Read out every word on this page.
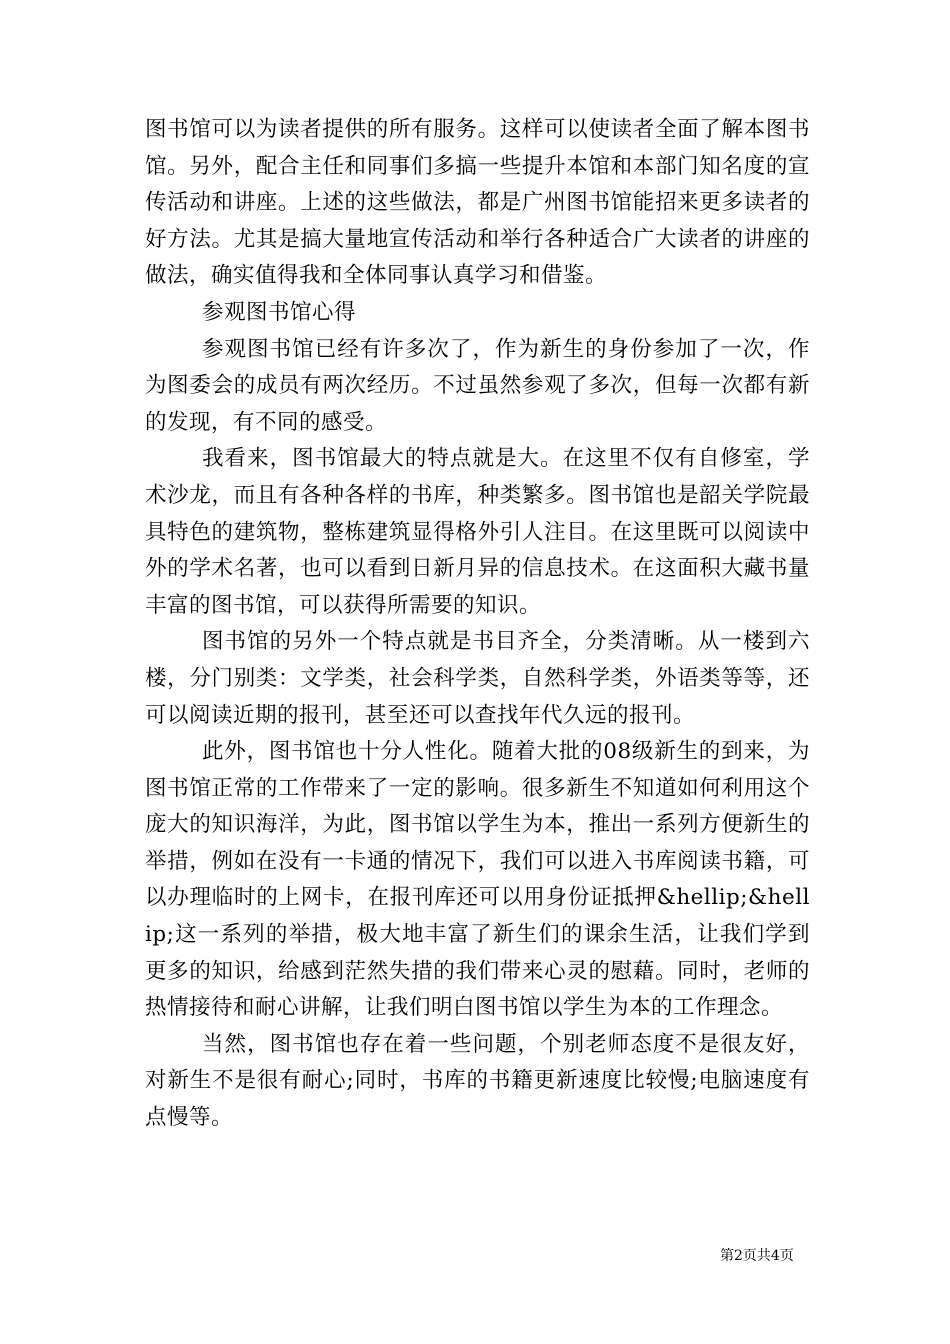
图书馆可以为读者提供的所有服务。这样可以使读者全面了解本图书馆。另外，配合主任和同事们多搞一些提升本馆和本部门知名度的宣传活动和讲座。上述的这些做法，都是广州图书馆能招来更多读者的好方法。尤其是搞大量地宣传活动和举行各种适合广大读者的讲座的做法，确实值得我和全体同事认真学习和借鉴。

参观图书馆心得

参观图书馆已经有许多次了，作为新生的身份参加了一次，作为图委会的成员有两次经历。不过虽然参观了多次，但每一次都有新的发现，有不同的感受。

我看来，图书馆最大的特点就是大。在这里不仅有自修室，学术沙龙，而且有各种各样的书库，种类繁多。图书馆也是韶关学院最具特色的建筑物，整栋建筑显得格外引人注目。在这里既可以阅读中外的学术名著，也可以看到日新月异的信息技术。在这面积大藏书量丰富的图书馆，可以获得所需要的知识。

图书馆的另外一个特点就是书目齐全，分类清晰。从一楼到六楼，分门别类：文学类，社会科学类，自然科学类，外语类等等，还可以阅读近期的报刊，甚至还可以查找年代久远的报刊。

此外，图书馆也十分人性化。随着大批的08级新生的到来，为图书馆正常的工作带来了一定的影响。很多新生不知道如何利用这个庞大的知识海洋，为此，图书馆以学生为本，推出一系列方便新生的举措，例如在没有一卡通的情况下，我们可以进入书库阅读书籍，可以办理临时的上网卡，在报刊库还可以用身份证抵押&hellip;&hellip;这一系列的举措，极大地丰富了新生们的课余生活，让我们学到更多的知识，给感到茫然失措的我们带来心灵的慰藉。同时，老师的热情接待和耐心讲解，让我们明白图书馆以学生为本的工作理念。

当然，图书馆也存在着一些问题，个别老师态度不是很友好，对新生不是很有耐心;同时，书库的书籍更新速度比较慢;电脑速度有点慢等。

第2页共4页
